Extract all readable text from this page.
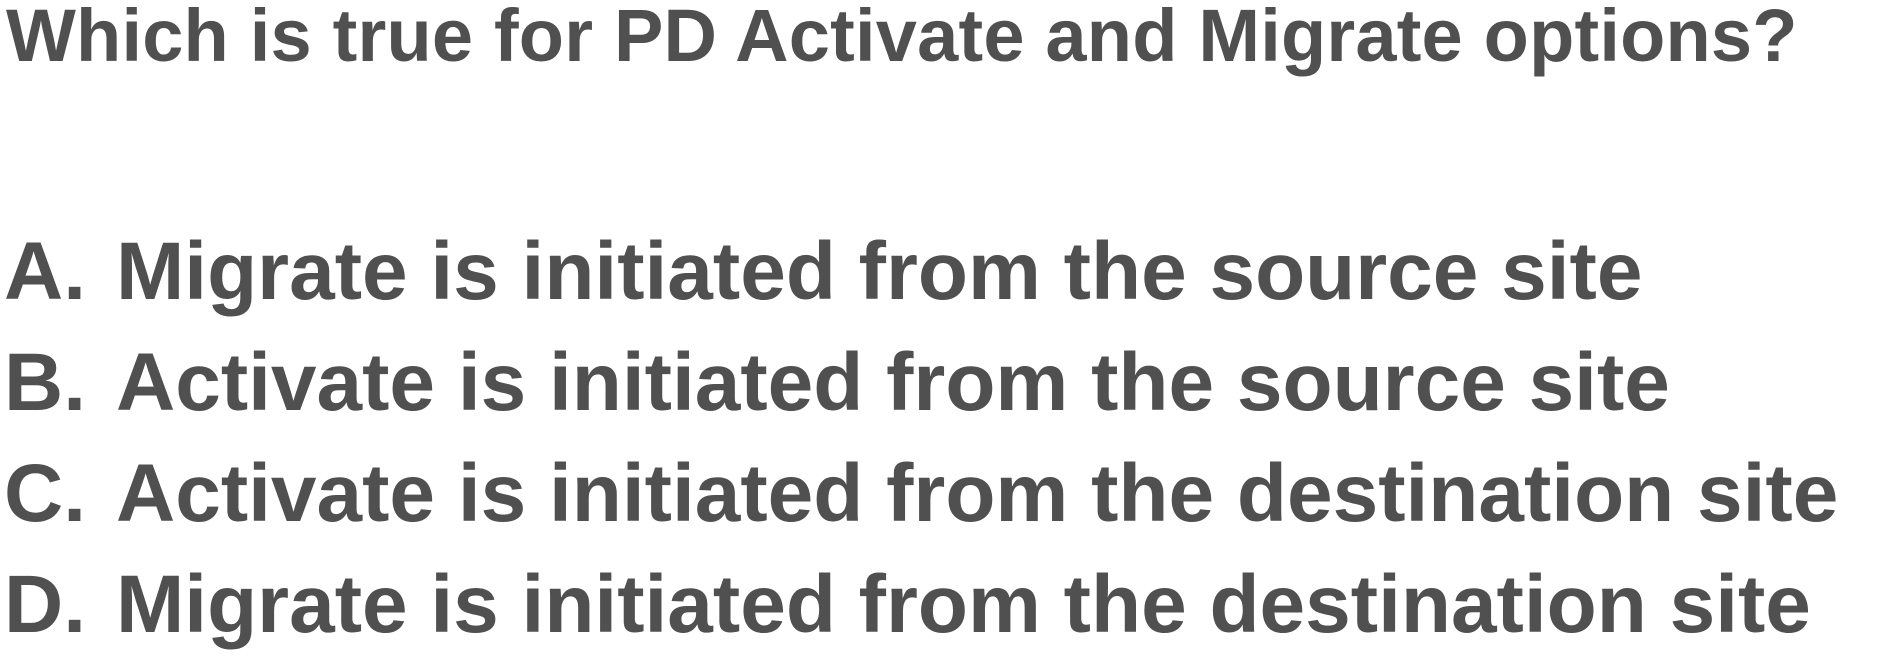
Which is true for PD Activate and Migrate options?
A. Migrate is initiated from the source site
B. Activate is initiated from the source site
C. Activate is initiated from the destination site
D. Migrate is initiated from the destination site
